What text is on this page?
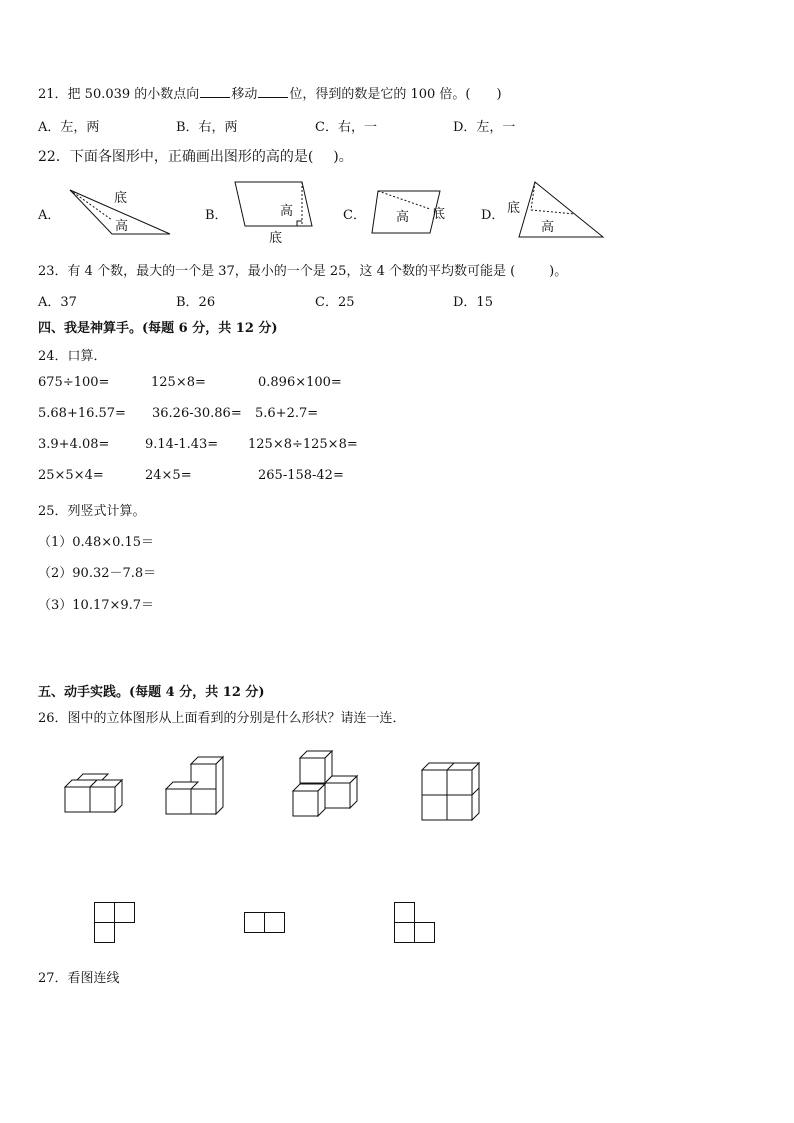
21．把 50.039 的小数点向 移动 位，得到的数是它的 100 倍。( )
A．左，两	B．右，两	C．右，一	D．左，一
22．下面各图形中，正确画出图形的高的是( )。
A．
底
高
B．	高
底
C． 高 底	D． 底
高
23．有 4 个数，最大的一个是 37，最小的一个是 25，这 4 个数的平均数可能是 (	)。
A．37	B．26	C．25	D．15
四、我是神算手。(每题 6 分，共 12 分)
24．口算．
675÷100=	125×8=	0.896×100=
5.68+16.57= 36.26-30.86= 5.6+2.7=
3.9+4.08=	9.14-1.43= 125×8÷125×8=
25×5×4=	24×5=	265-158-42=
25．列竖式计算。
（1）0.48×0.15＝
（2）90.32－7.8＝
（3）10.17×9.7＝
五、动手实践。(每题 4 分，共 12 分)
26．图中的立体图形从上面看到的分别是什么形状？请连一连．
27．看图连线
